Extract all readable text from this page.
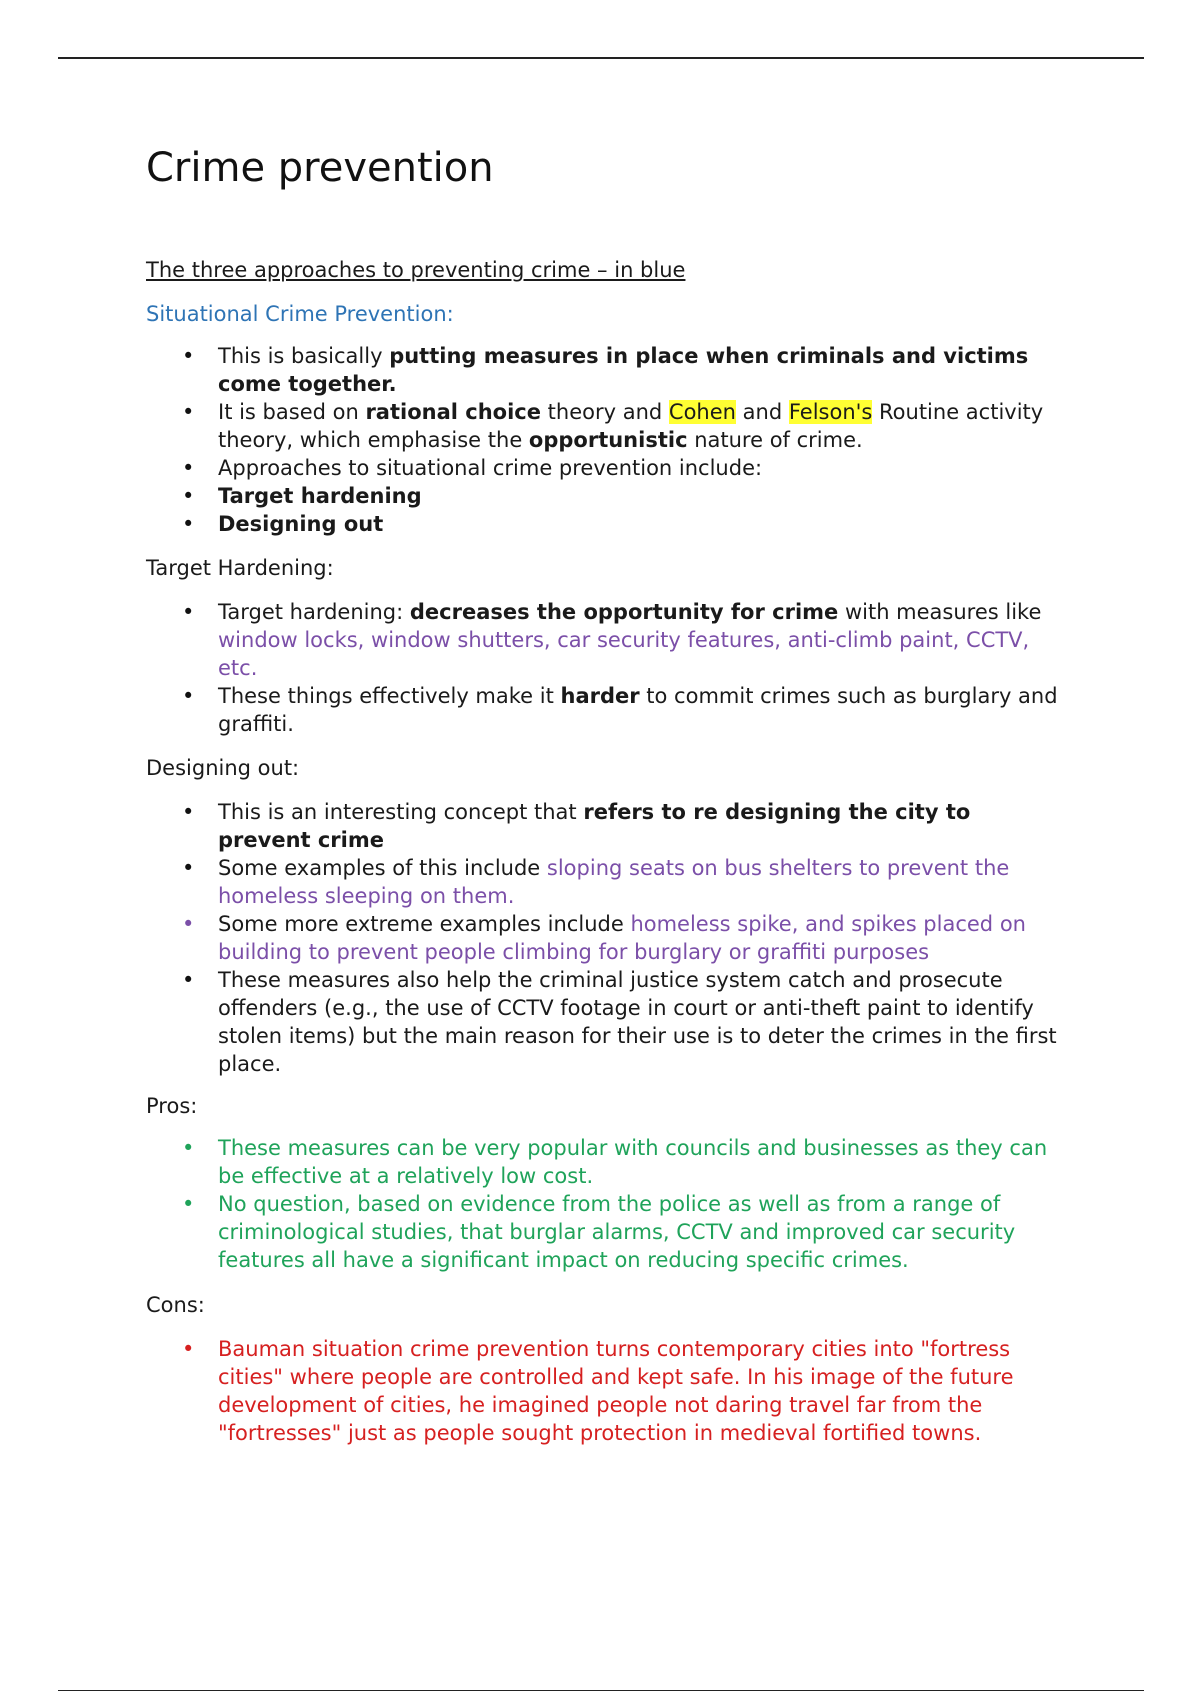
Crime prevention

The three approaches to preventing crime – in blue

Situational Crime Prevention:

• This is basically putting measures in place when criminals and victims come together.
• It is based on rational choice theory and Cohen and Felson's Routine activity theory, which emphasise the opportunistic nature of crime.
• Approaches to situational crime prevention include:
• Target hardening
• Designing out

Target Hardening:

• Target hardening: decreases the opportunity for crime with measures like window locks, window shutters, car security features, anti-climb paint, CCTV, etc.
• These things effectively make it harder to commit crimes such as burglary and graffiti.

Designing out:

• This is an interesting concept that refers to re designing the city to prevent crime
• Some examples of this include sloping seats on bus shelters to prevent the homeless sleeping on them.
• Some more extreme examples include homeless spike, and spikes placed on building to prevent people climbing for burglary or graffiti purposes
• These measures also help the criminal justice system catch and prosecute offenders (e.g., the use of CCTV footage in court or anti-theft paint to identify stolen items) but the main reason for their use is to deter the crimes in the first place.

Pros:

• These measures can be very popular with councils and businesses as they can be effective at a relatively low cost.
• No question, based on evidence from the police as well as from a range of criminological studies, that burglar alarms, CCTV and improved car security features all have a significant impact on reducing specific crimes.

Cons:

• Bauman situation crime prevention turns contemporary cities into "fortress cities" where people are controlled and kept safe. In his image of the future development of cities, he imagined people not daring travel far from the "fortresses" just as people sought protection in medieval fortified towns.
